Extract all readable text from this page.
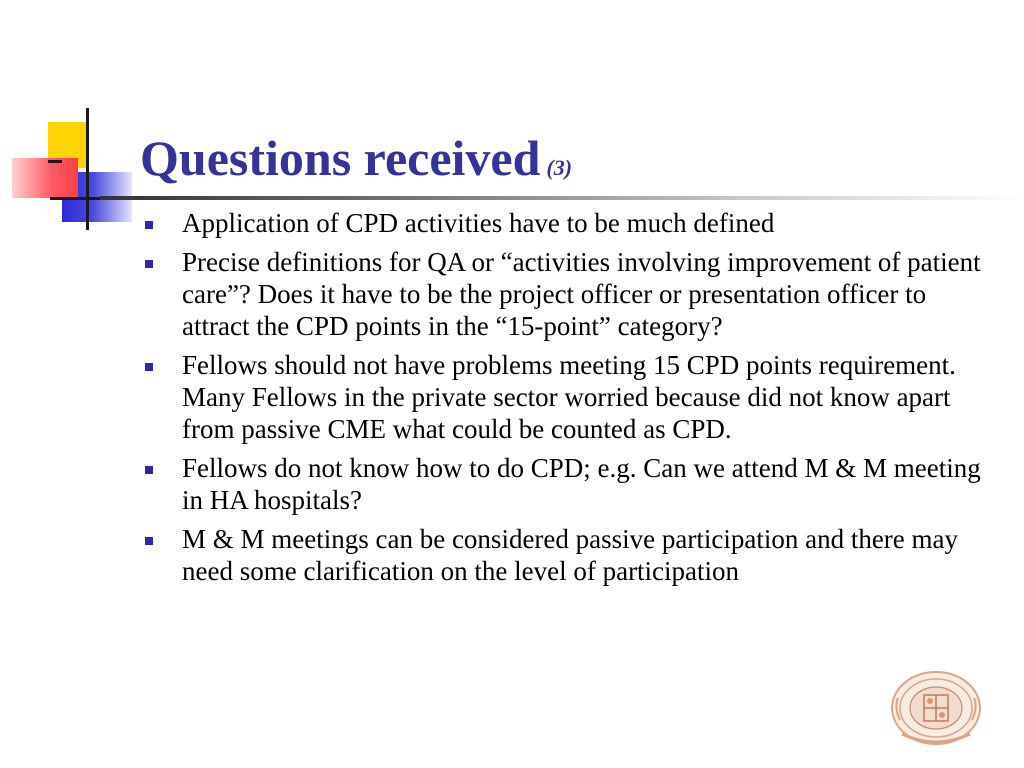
Questions received (3)
Application of CPD activities have to be much defined
Precise definitions for QA or “activities involving improvement of patient care”? Does it have to be the project officer or presentation officer to attract the CPD points in the “15-point” category?
Fellows should not have problems meeting 15 CPD points requirement. Many Fellows in the private sector worried because did not know apart from passive CME what could be counted as CPD.
Fellows do not know how to do CPD; e.g. Can we attend M & M meeting in HA hospitals?
M & M meetings can be considered passive participation and there may need some clarification on the level of participation
